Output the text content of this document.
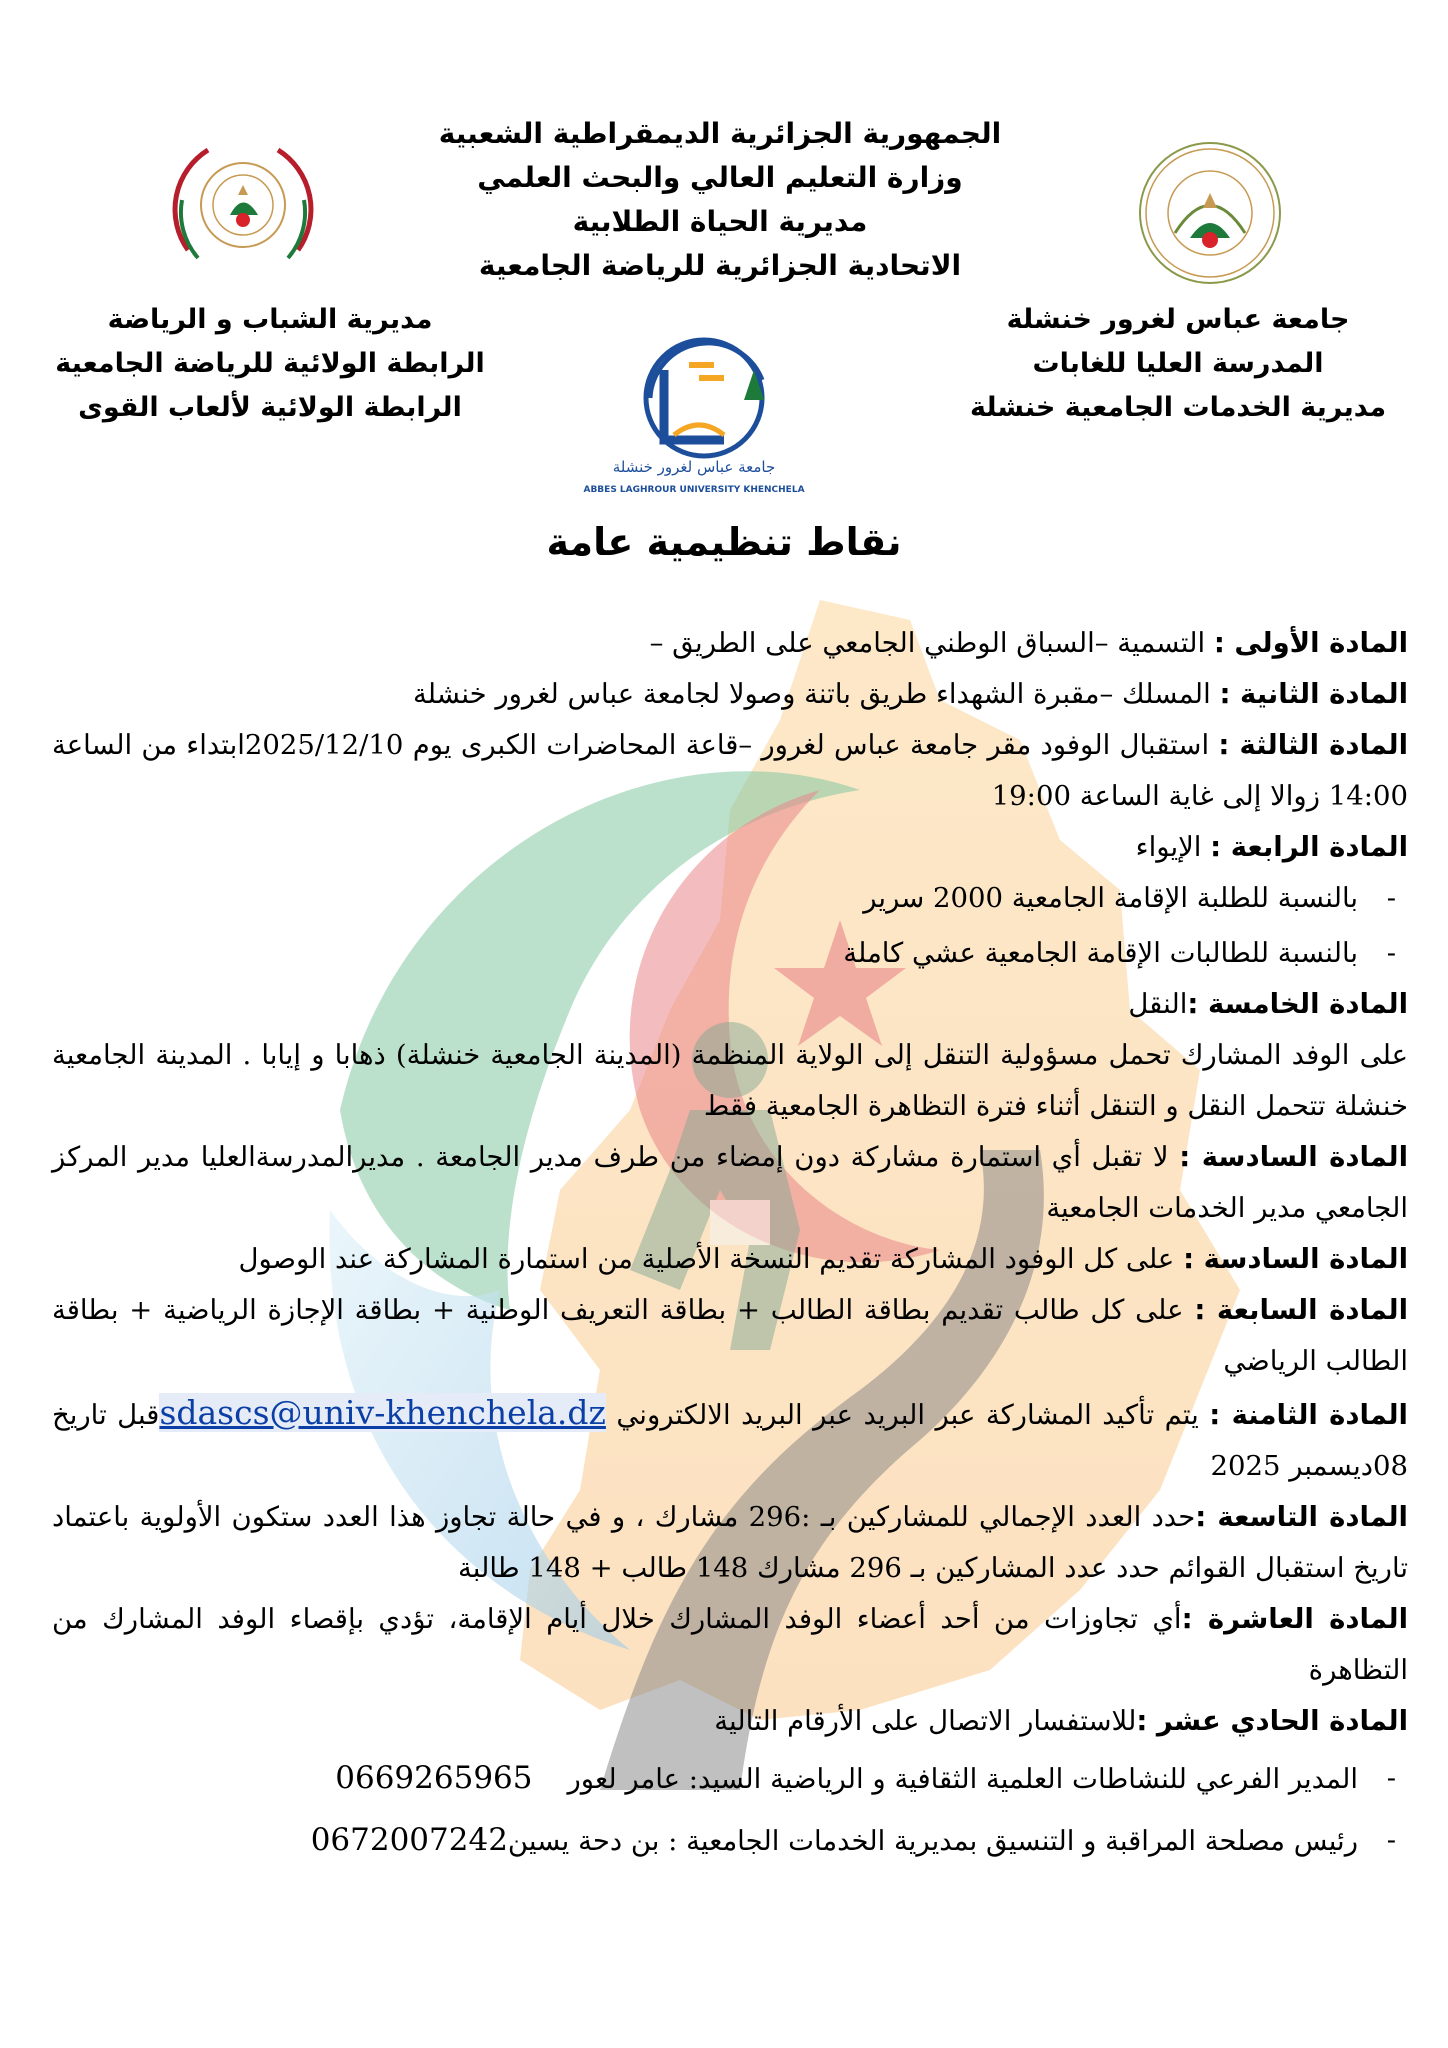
جامعة عباس لغرور خنشلة
ABBES LAGHROUR UNIVERSITY KHENCHELA
الجمهورية الجزائرية الديمقراطية الشعبية
وزارة التعليم العالي والبحث العلمي
مديرية الحياة الطلابية
الاتحادية الجزائرية للرياضة الجامعية
جامعة عباس لغرور خنشلة
المدرسة العليا للغابات
مديرية الخدمات الجامعية خنشلة
مديرية الشباب و الرياضة
الرابطة الولائية للرياضة الجامعية
الرابطة الولائية لألعاب القوى
نقاط تنظيمية عامة

المادة الأولى : التسمية –السباق الوطني الجامعي على الطريق –

المادة الثانية : المسلك –مقبرة الشهداء طريق باتنة وصولا لجامعة عباس لغرور خنشلة

المادة الثالثة : استقبال الوفود مقر جامعة عباس لغرور –قاعة المحاضرات الكبرى يوم 2025/12/10ابتداء من الساعة 14:00 زوالا إلى غاية الساعة 19:00

المادة الرابعة : الإيواء

- بالنسبة للطلبة الإقامة الجامعية 2000 سرير

- بالنسبة للطالبات الإقامة الجامعية عشي كاملة

المادة الخامسة :النقل

على الوفد المشارك تحمل مسؤولية التنقل إلى الولاية المنظمة (المدينة الجامعية خنشلة) ذهابا و إيابا . المدينة الجامعية خنشلة تتحمل النقل و التنقل أثناء فترة التظاهرة الجامعية فقط

المادة السادسة : لا تقبل أي استمارة مشاركة دون إمضاء من طرف مدير الجامعة . مديرالمدرسةالعليا مدير المركز الجامعي مدير الخدمات الجامعية

المادة السادسة : على كل الوفود المشاركة تقديم النسخة الأصلية من استمارة المشاركة عند الوصول

المادة السابعة : على كل طالب تقديم بطاقة الطالب + بطاقة التعريف الوطنية + بطاقة الإجازة الرياضية + بطاقة الطالب الرياضي

المادة الثامنة : يتم تأكيد المشاركة عبر البريد عبر البريد الالكتروني sdascs@univ-khenchela.dzقبل تاريخ 08ديسمبر 2025

المادة التاسعة :حدد العدد الإجمالي للمشاركين بـ :296 مشارك ، و في حالة تجاوز هذا العدد ستكون الأولوية باعتماد تاريخ استقبال القوائم حدد عدد المشاركين بـ 296 مشارك 148 طالب + 148 طالبة

المادة العاشرة :أي تجاوزات من أحد أعضاء الوفد المشارك خلال أيام الإقامة، تؤدي بإقصاء الوفد المشارك من التظاهرة

المادة الحادي عشر :للاستفسار الاتصال على الأرقام التالية

- المدير الفرعي للنشاطات العلمية الثقافية و الرياضية السيد: عامر لعور    0669265965

- رئيس مصلحة المراقبة و التنسيق بمديرية الخدمات الجامعية : بن دحة يسين0672007242
